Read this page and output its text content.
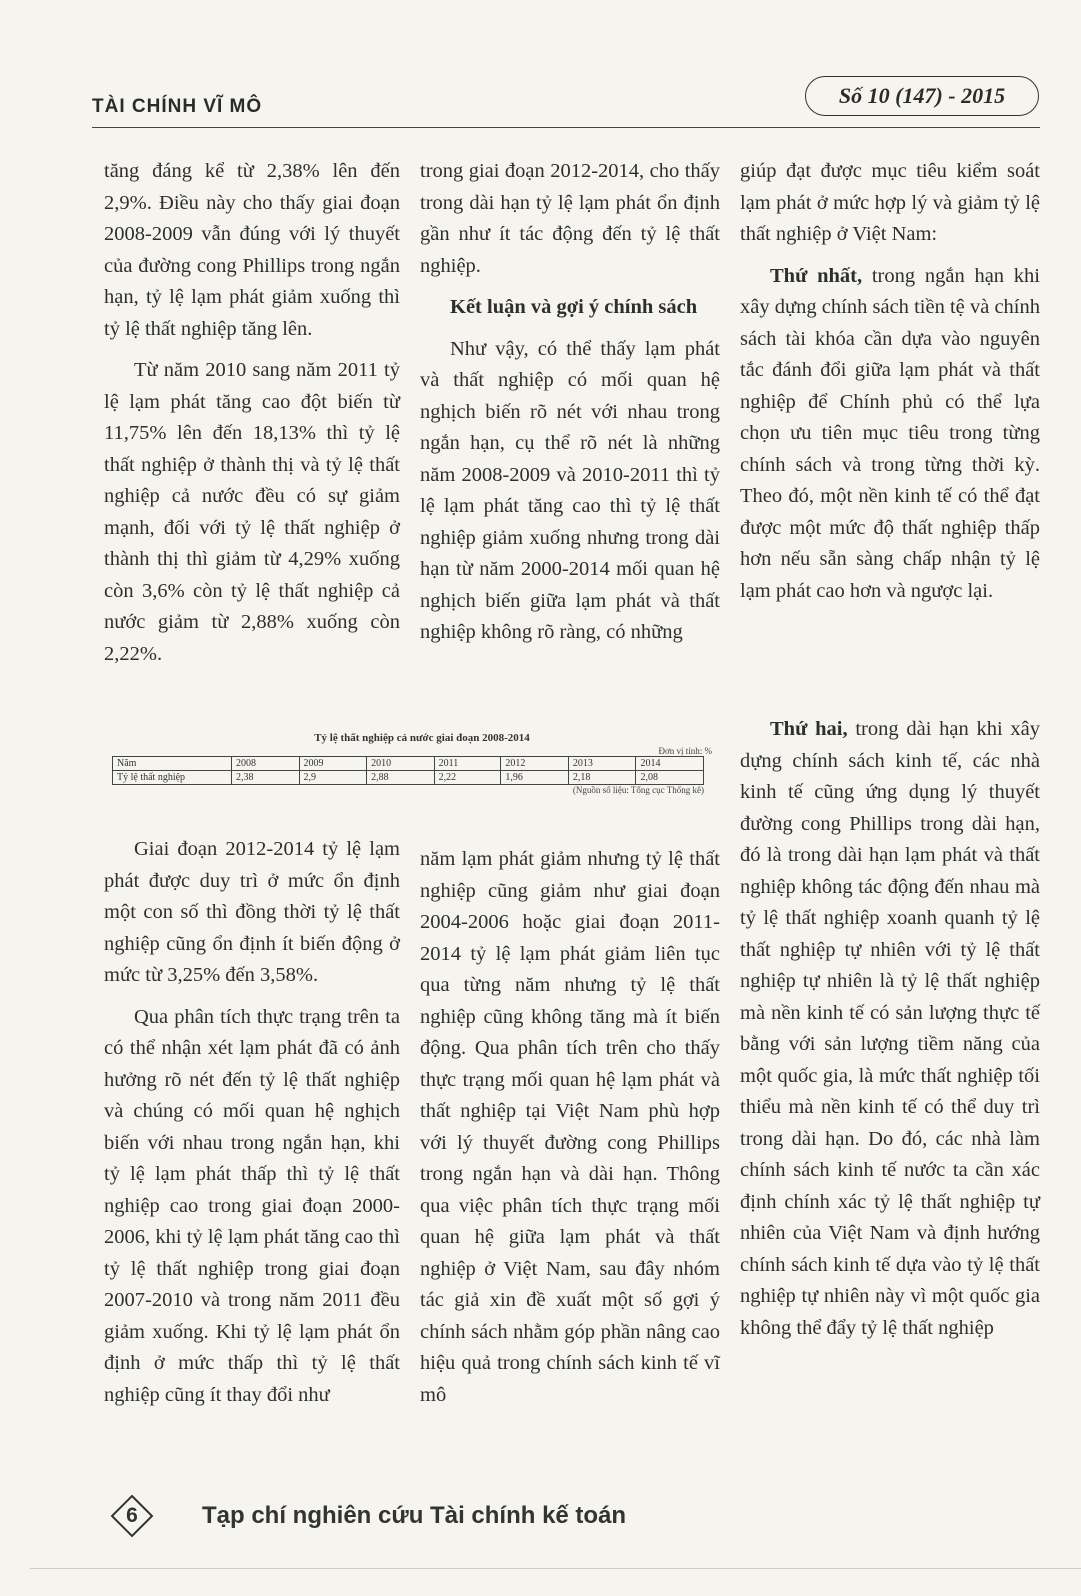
TÀI CHÍNH VĨ MÔ	Số 10 (147) - 2015

tăng đáng kể từ 2,38% lên đến 2,9%. Điều này cho thấy giai đoạn 2008-2009 vẫn đúng với lý thuyết của đường cong Phillips trong ngắn hạn, tỷ lệ lạm phát giảm xuống thì tỷ lệ thất nghiệp tăng lên.

Từ năm 2010 sang năm 2011 tỷ lệ lạm phát tăng cao đột biến từ 11,75% lên đến 18,13% thì tỷ lệ thất nghiệp ở thành thị và tỷ lệ thất nghiệp cả nước đều có sự giảm mạnh, đối với tỷ lệ thất nghiệp ở thành thị thì giảm từ 4,29% xuống còn 3,6% còn tỷ lệ thất nghiệp cả nước giảm từ 2,88% xuống còn 2,22%.

trong giai đoạn 2012-2014, cho thấy trong dài hạn tỷ lệ lạm phát ổn định gần như ít tác động đến tỷ lệ thất nghiệp.

Kết luận và gợi ý chính sách

Như vậy, có thể thấy lạm phát và thất nghiệp có mối quan hệ nghịch biến rõ nét với nhau trong ngắn hạn, cụ thể rõ nét là những năm 2008-2009 và 2010-2011 thì tỷ lệ lạm phát tăng cao thì tỷ lệ thất nghiệp giảm xuống nhưng trong dài hạn từ năm 2000-2014 mối quan hệ nghịch biến giữa lạm phát và thất nghiệp không rõ ràng, có những

giúp đạt được mục tiêu kiểm soát lạm phát ở mức hợp lý và giảm tỷ lệ thất nghiệp ở Việt Nam:

Thứ nhất, trong ngắn hạn khi xây dựng chính sách tiền tệ và chính sách tài khóa cần dựa vào nguyên tắc đánh đổi giữa lạm phát và thất nghiệp để Chính phủ có thể lựa chọn ưu tiên mục tiêu trong từng chính sách và trong từng thời kỳ. Theo đó, một nền kinh tế có thể đạt được một mức độ thất nghiệp thấp hơn nếu sẵn sàng chấp nhận tỷ lệ lạm phát cao hơn và ngược lại.

Tỷ lệ thất nghiệp cả nước giai đoạn 2008-2014
Đơn vị tính: %
Năm	2008	2009	2010	2011	2012	2013	2014
Tỷ lệ thất nghiệp	2,38	2,9	2,88	2,22	1,96	2,18	2,08
(Nguồn số liệu: Tổng cục Thống kê)

Giai đoạn 2012-2014 tỷ lệ lạm phát được duy trì ở mức ổn định một con số thì đồng thời tỷ lệ thất nghiệp cũng ổn định ít biến động ở mức từ 3,25% đến 3,58%.

Qua phân tích thực trạng trên ta có thể nhận xét lạm phát đã có ảnh hưởng rõ nét đến tỷ lệ thất nghiệp và chúng có mối quan hệ nghịch biến với nhau trong ngắn hạn, khi tỷ lệ lạm phát thấp thì tỷ lệ thất nghiệp cao trong giai đoạn 2000-2006, khi tỷ lệ lạm phát tăng cao thì tỷ lệ thất nghiệp trong giai đoạn 2007-2010 và trong năm 2011 đều giảm xuống. Khi tỷ lệ lạm phát ổn định ở mức thấp thì tỷ lệ thất nghiệp cũng ít thay đổi như

năm lạm phát giảm nhưng tỷ lệ thất nghiệp cũng giảm như giai đoạn 2004-2006 hoặc giai đoạn 2011-2014 tỷ lệ lạm phát giảm liên tục qua từng năm nhưng tỷ lệ thất nghiệp cũng không tăng mà ít biến động. Qua phân tích trên cho thấy thực trạng mối quan hệ lạm phát và thất nghiệp tại Việt Nam phù hợp với lý thuyết đường cong Phillips trong ngắn hạn và dài hạn. Thông qua việc phân tích thực trạng mối quan hệ giữa lạm phát và thất nghiệp ở Việt Nam, sau đây nhóm tác giả xin đề xuất một số gợi ý chính sách nhằm góp phần nâng cao hiệu quả trong chính sách kinh tế vĩ mô

Thứ hai, trong dài hạn khi xây dựng chính sách kinh tế, các nhà kinh tế cũng ứng dụng lý thuyết đường cong Phillips trong dài hạn, đó là trong dài hạn lạm phát và thất nghiệp không tác động đến nhau mà tỷ lệ thất nghiệp xoanh quanh tỷ lệ thất nghiệp tự nhiên với tỷ lệ thất nghiệp tự nhiên là tỷ lệ thất nghiệp mà nền kinh tế có sản lượng thực tế bằng với sản lượng tiềm năng của một quốc gia, là mức thất nghiệp tối thiểu mà nền kinh tế có thể duy trì trong dài hạn. Do đó, các nhà làm chính sách kinh tế nước ta cần xác định chính xác tỷ lệ thất nghiệp tự nhiên của Việt Nam và định hướng chính sách kinh tế dựa vào tỷ lệ thất nghiệp tự nhiên này vì một quốc gia không thể đẩy tỷ lệ thất nghiệp

6	Tạp chí nghiên cứu Tài chính kế toán
